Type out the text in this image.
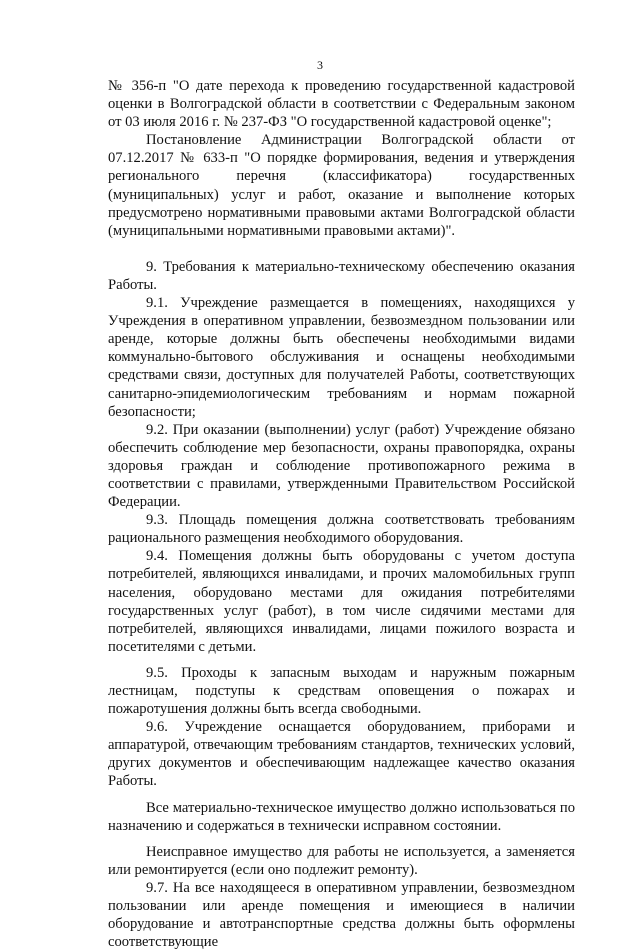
3

№ 356-п "О дате перехода к проведению государственной кадастровой оценки в Волгоградской области в соответствии с Федеральным законом от 03 июля 2016 г. № 237-ФЗ "О государственной кадастровой оценке";

Постановление Администрации Волгоградской области от 07.12.2017 № 633-п "О порядке формирования, ведения и утверждения регионального перечня (классификатора) государственных (муниципальных) услуг и работ, оказание и выполнение которых предусмотрено нормативными правовыми актами Волгоградской области (муниципальными нормативными правовыми актами)".

9. Требования к материально-техническому обеспечению оказания Работы.

9.1. Учреждение размещается в помещениях, находящихся у Учреждения в оперативном управлении, безвозмездном пользовании или аренде, которые должны быть обеспечены необходимыми видами коммунально-бытового обслуживания и оснащены необходимыми средствами связи, доступных для получателей Работы, соответствующих санитарно-эпидемиологическим требованиям и нормам пожарной безопасности;

9.2. При оказании (выполнении) услуг (работ) Учреждение обязано обеспечить соблюдение мер безопасности, охраны правопорядка, охраны здоровья граждан и соблюдение противопожарного режима в соответствии с правилами, утвержденными Правительством Российской Федерации.

9.3. Площадь помещения должна соответствовать требованиям рационального размещения необходимого оборудования.

9.4. Помещения должны быть оборудованы с учетом доступа потребителей, являющихся инвалидами, и прочих маломобильных групп населения, оборудовано местами для ожидания потребителями государственных услуг (работ), в том числе сидячими местами для потребителей, являющихся инвалидами, лицами пожилого возраста и посетителями с детьми.

9.5. Проходы к запасным выходам и наружным пожарным лестницам, подступы к средствам оповещения о пожарах и пожаротушения должны быть всегда свободными.

9.6. Учреждение оснащается оборудованием, приборами и аппаратурой, отвечающим требованиям стандартов, технических условий, других документов и обеспечивающим надлежащее качество оказания Работы.

Все материально-техническое имущество должно использоваться по назначению и содержаться в технически исправном состоянии.

Неисправное имущество для работы не используется, а заменяется или ремонтируется (если оно подлежит ремонту).

9.7. На все находящееся в оперативном управлении, безвозмездном пользовании или аренде помещения и имеющиеся в наличии оборудование и автотранспортные средства должны быть оформлены соответствующие
